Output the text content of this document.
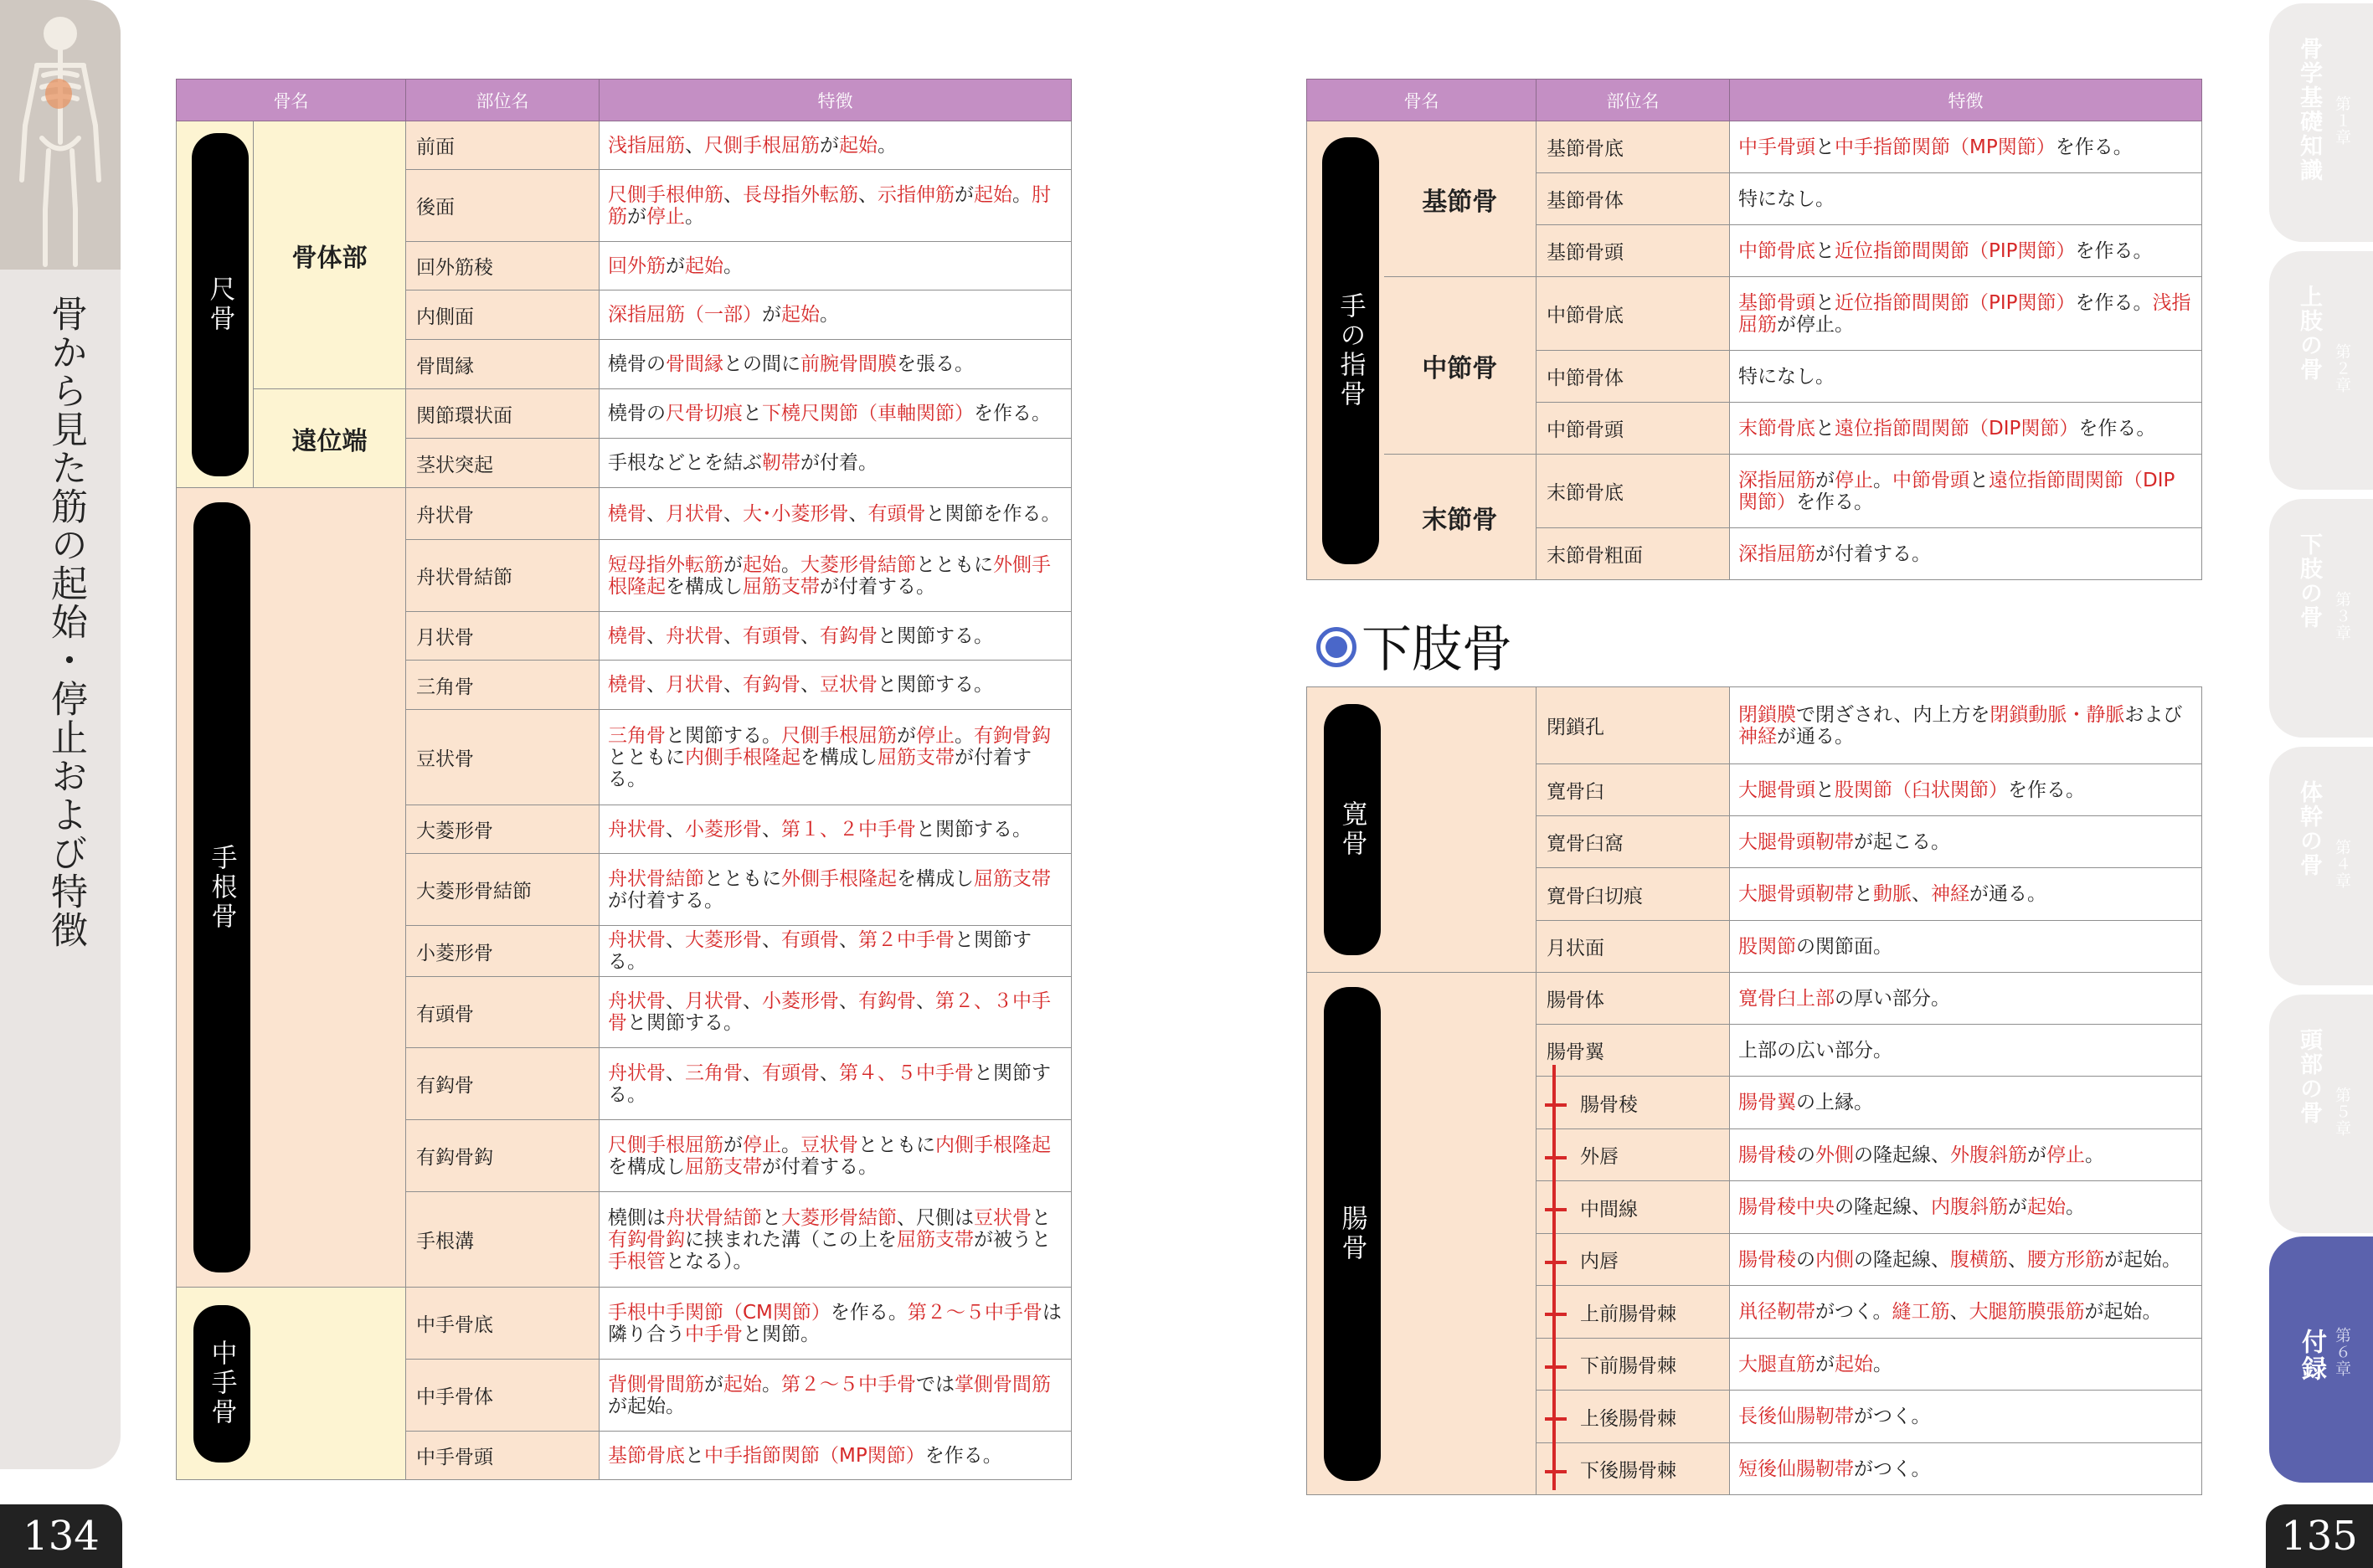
骨から見た筋の起始・停止および特徴
134
骨名		部位名	特徴

尺骨	骨体部	前面	浅指屈筋、尺側手根屈筋が起始。
		後面	尺側手根伸筋、長母指外転筋、示指伸筋が起始。肘筋が停止。
		回外筋稜	回外筋が起始。
		内側面	深指屈筋（一部）が起始。
		骨間縁	橈骨の骨間縁との間に前腕骨間膜を張る。
	遠位端	関節環状面	橈骨の尺骨切痕と下橈尺関節（車軸関節）を作る。
		茎状突起	手根などとを結ぶ靭帯が付着。

手根骨		舟状骨	橈骨、月状骨、大･小菱形骨、有頭骨と関節を作る。
		舟状骨結節	短母指外転筋が起始。大菱形骨結節とともに外側手根隆起を構成し屈筋支帯が付着する。
		月状骨	橈骨、舟状骨、有頭骨、有鈎骨と関節する。
		三角骨	橈骨、月状骨、有鈎骨、豆状骨と関節する。
		豆状骨	三角骨と関節する。尺側手根屈筋が停止。有鉤骨鈎とともに内側手根隆起を構成し屈筋支帯が付着する。
		大菱形骨	舟状骨、小菱形骨、第１、２中手骨と関節する。
		大菱形骨結節	舟状骨結節とともに外側手根隆起を構成し屈筋支帯が付着する。
		小菱形骨	舟状骨、大菱形骨、有頭骨、第２中手骨と関節する。
		有頭骨	舟状骨、月状骨、小菱形骨、有鈎骨、第２、３中手骨と関節する。
		有鈎骨	舟状骨、三角骨、有頭骨、第４、５中手骨と関節する。
		有鈎骨鈎	尺側手根屈筋が停止。豆状骨とともに内側手根隆起を構成し屈筋支帯が付着する。
		手根溝	橈側は舟状骨結節と大菱形骨結節、尺側は豆状骨と有鈎骨鈎に挟まれた溝（この上を屈筋支帯が被うと手根管となる）。

中手骨		中手骨底	手根中手関節（CM関節）を作る。第２～５中手骨は隣り合う中手骨と関節。
		中手骨体	背側骨間筋が起始。第２～５中手骨では掌側骨間筋が起始。
		中手骨頭	基節骨底と中手指節関節（MP関節）を作る。
骨名		部位名	特徴

手の指骨	基節骨	基節骨底	中手骨頭と中手指節関節（MP関節）を作る。
		基節骨体	特になし。
		基節骨頭	中節骨底と近位指節間関節（PIP関節）を作る。
	中節骨	中節骨底	基節骨頭と近位指節間関節（PIP関節）を作る。浅指屈筋が停止。
		中節骨体	特になし。
		中節骨頭	末節骨底と遠位指節間関節（DIP関節）を作る。
	末節骨	末節骨底	深指屈筋が停止。中節骨頭と遠位指節間関節（DIP関節）を作る。
		末節骨粗面	深指屈筋が付着する。
下肢骨
寛骨	閉鎖孔	閉鎖膜で閉ざされ、内上方を閉鎖動脈・静脈および神経が通る。
	寛骨臼	大腿骨頭と股関節（臼状関節）を作る。
	寛骨臼窩	大腿骨頭靭帯が起こる。
	寛骨臼切痕	大腿骨頭靭帯と動脈、神経が通る。
	月状面	股関節の関節面。

腸骨	腸骨体	寛骨臼上部の厚い部分。
	腸骨翼	上部の広い部分。
	腸骨稜	腸骨翼の上縁。
	外唇	腸骨稜の外側の隆起線、外腹斜筋が停止。
	中間線	腸骨稜中央の隆起線、内腹斜筋が起始。
	内唇	腸骨稜の内側の隆起線、腹横筋、腰方形筋が起始。
	上前腸骨棘	鼡径靭帯がつく。縫工筋、大腿筋膜張筋が起始。
	下前腸骨棘	大腿直筋が起始。
	上後腸骨棘	長後仙腸靭帯がつく。
	下後腸骨棘	短後仙腸靭帯がつく。
骨学基礎知識 第１章
上肢の骨 第２章
下肢の骨 第３章
体幹の骨 第４章
頭部の骨 第５章
付録 第６章
135
